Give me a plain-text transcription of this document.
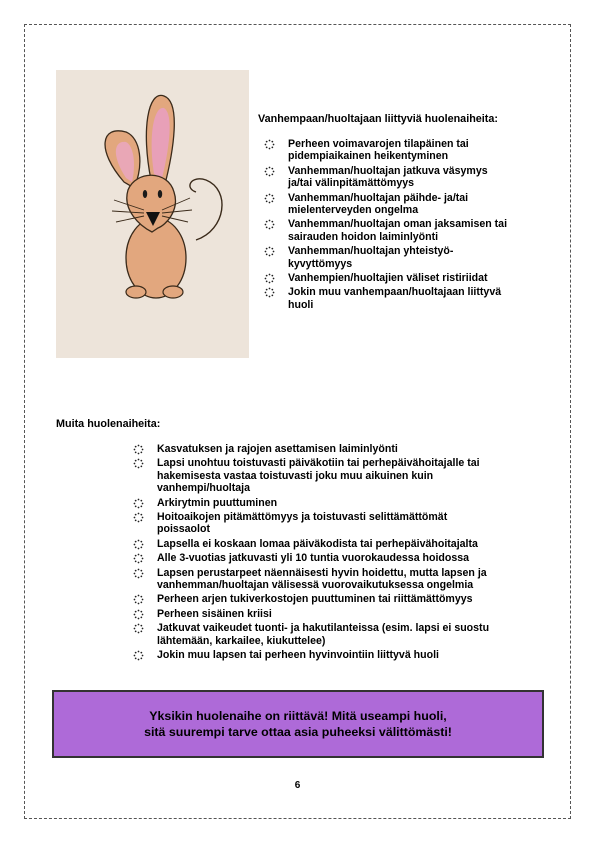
Vanhempaan/huoltajaan liittyviä huolenaiheita:
Perheen voimavarojen tilapäinen tai
pidempiaikainen heikentyminen
Vanhemman/huoltajan jatkuva väsymys
ja/tai välinpitämättömyys
Vanhemman/huoltajan päihde- ja/tai
mielenterveyden ongelma
Vanhemman/huoltajan oman jaksamisen tai
sairauden hoidon laiminlyönti
Vanhemman/huoltajan yhteistyö-
kyvyttömyys
Vanhempien/huoltajien väliset ristiriidat
Jokin muu vanhempaan/huoltajaan liittyvä
huoli
Muita huolenaiheita:
Kasvatuksen ja rajojen asettamisen laiminlyönti
Lapsi unohtuu toistuvasti päiväkotiin tai perhepäivähoitajalle tai
hakemisesta vastaa toistuvasti joku muu aikuinen kuin
vanhempi/huoltaja
Arkirytmin puuttuminen
Hoitoaikojen pitämättömyys ja toistuvasti selittämättömät
poissaolot
Lapsella ei koskaan lomaa päiväkodista tai perhepäivähoitajalta
Alle 3-vuotias jatkuvasti yli 10 tuntia vuorokaudessa hoidossa
Lapsen perustarpeet näennäisesti hyvin hoidettu, mutta lapsen ja
vanhemman/huoltajan välisessä vuorovaikutuksessa ongelmia
Perheen arjen tukiverkostojen puuttuminen tai riittämättömyys
Perheen sisäinen kriisi
Jatkuvat vaikeudet tuonti- ja hakutilanteissa (esim. lapsi ei suostu
lähtemään, karkailee, kiukuttelee)
Jokin muu lapsen tai perheen hyvinvointiin liittyvä huoli
Yksikin huolenaihe on riittävä! Mitä useampi huoli,
sitä suurempi tarve ottaa asia puheeksi välittömästi!
6
